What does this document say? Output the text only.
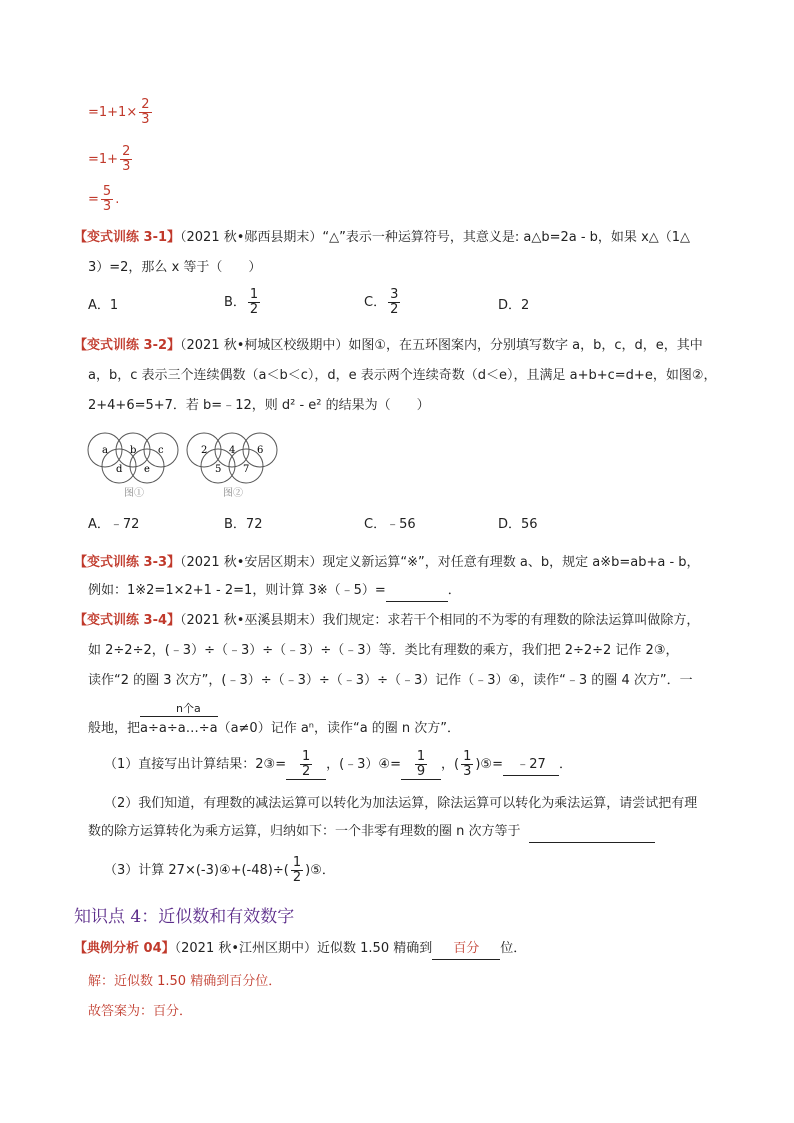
$=1+1\times \frac{2}{3}$
$=1+ \frac{2}{3}$
= $\frac{5}{3}$ .
【变式训练 3-1】（2021 秋•郧西县期末）“△”表示一种运算符号，其意义是: a△b=2a - b，如果 x△（1△
3）=2，那么 x 等于（　　）
A．1	B． $\frac{1}{2}$	C． $\frac{3}{2}$	D．2
【变式训练 3-2】（2021 秋•柯城区校级期中）如图①，在五环图案内，分别填写数字 a，b，c，d，e，其中
a，b，c 表示三个连续偶数（a＜b＜c），d，e 表示两个连续奇数（d＜e），且满足 a+b+c=d+e，如图②，
2+4+6=5+7．若 b=﹣12，则 d² - e² 的结果为（　　）
a b c
d e
图①
2 4 6
5 7
图②
A．﹣72	B．72	C．﹣56	D．56
【变式训练 3-3】（2021 秋•安居区期末）现定义新运算“※”，对任意有理数 a、b，规定 a※b=ab+a - b，
例如：1※2=1×2+1 - 2=1，则计算 3※（﹣5）=	．
【变式训练 3-4】（2021 秋•巫溪县期末）我们规定：求若干个相同的不为零的有理数的除法运算叫做除方，
如 2÷2÷2，(﹣3）÷（﹣3）÷（﹣3）÷（﹣3）等．类比有理数的乘方，我们把 2÷2÷2 记作 2③，
读作“2 的圈 3 次方”，(﹣3）÷（﹣3）÷（﹣3）÷（﹣3）记作（﹣3）④，读作“﹣3 的圈 4 次方”．一
般地，把
n个a
a÷a÷a…÷a（a≠0）记作 aⁿ，读作“a 的圈 n 次方”．
（1）直接写出计算结果：2③= $\frac{1}{2}$ ，(﹣3）④= $\frac{1}{9}$ ，( $\frac{1}{3}$ )⑤= ﹣27 ．
（2）我们知道，有理数的减法运算可以转化为加法运算，除法运算可以转化为乘法运算，请尝试把有理
数的除方运算转化为乘方运算，归纳如下：一个非零有理数的圈 n 次方等于
（3）计算 27×(-3)④+(-48)÷( $\frac{1}{2}$ )⑤．
知识点 4：近似数和有效数字
【典例分析 04】（2021 秋•江州区期中）近似数 1.50 精确到 百分 位．
解：近似数 1.50 精确到百分位．
故答案为：百分．
